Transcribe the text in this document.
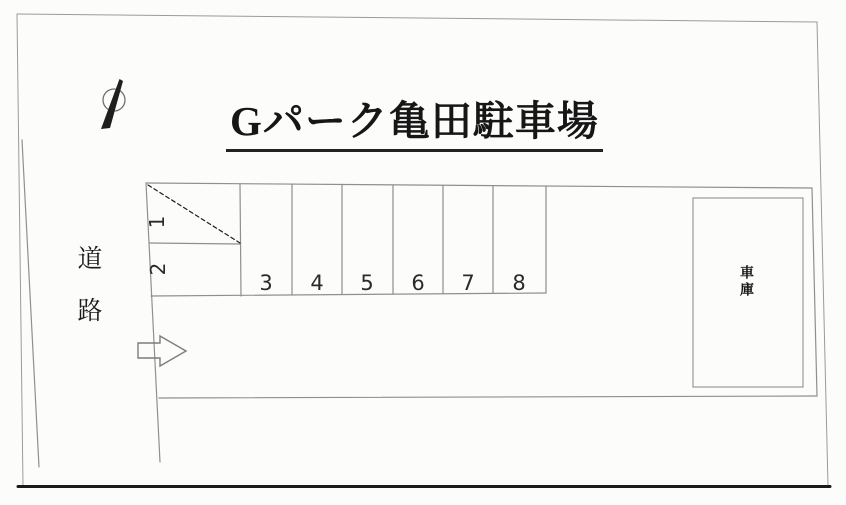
Gパーク亀田駐車場
道路	車庫
1
2
3 4 5 6 7 8
